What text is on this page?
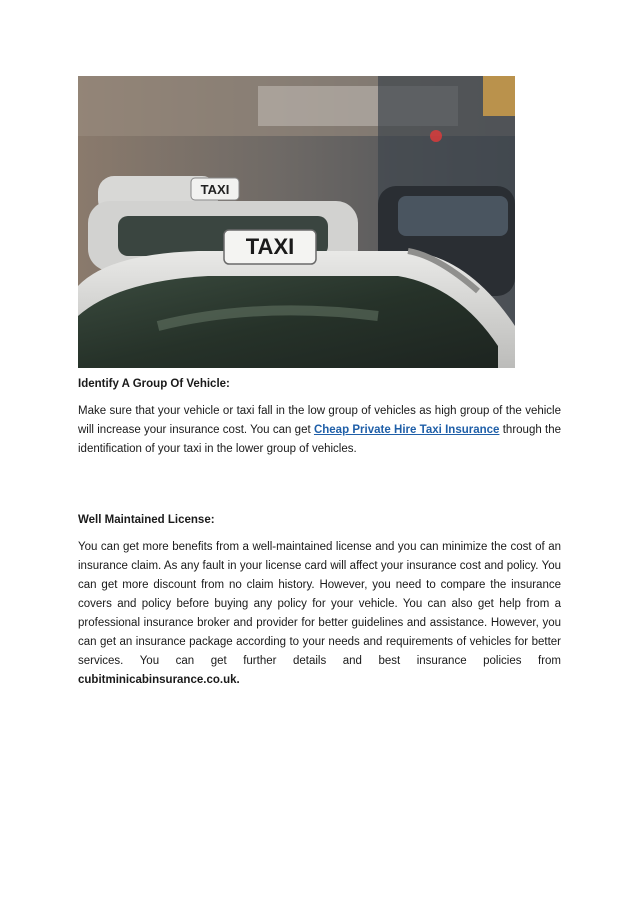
TAXI
TAXI
Identify A Group Of Vehicle:

Make sure that your vehicle or taxi fall in the low group of vehicles as high group of the vehicle will increase your insurance cost. You can get Cheap Private Hire Taxi Insurance through the identification of your taxi in the lower group of vehicles.

Well Maintained License:

You can get more benefits from a well-maintained license and you can minimize the cost of an insurance claim. As any fault in your license card will affect your insurance cost and policy. You can get more discount from no claim history. However, you need to compare the insurance covers and policy before buying any policy for your vehicle. You can also get help from a professional insurance broker and provider for better guidelines and assistance. However, you can get an insurance package according to your needs and requirements of vehicles for better services. You can get further details and best insurance policies from cubitminicabinsurance.co.uk.
